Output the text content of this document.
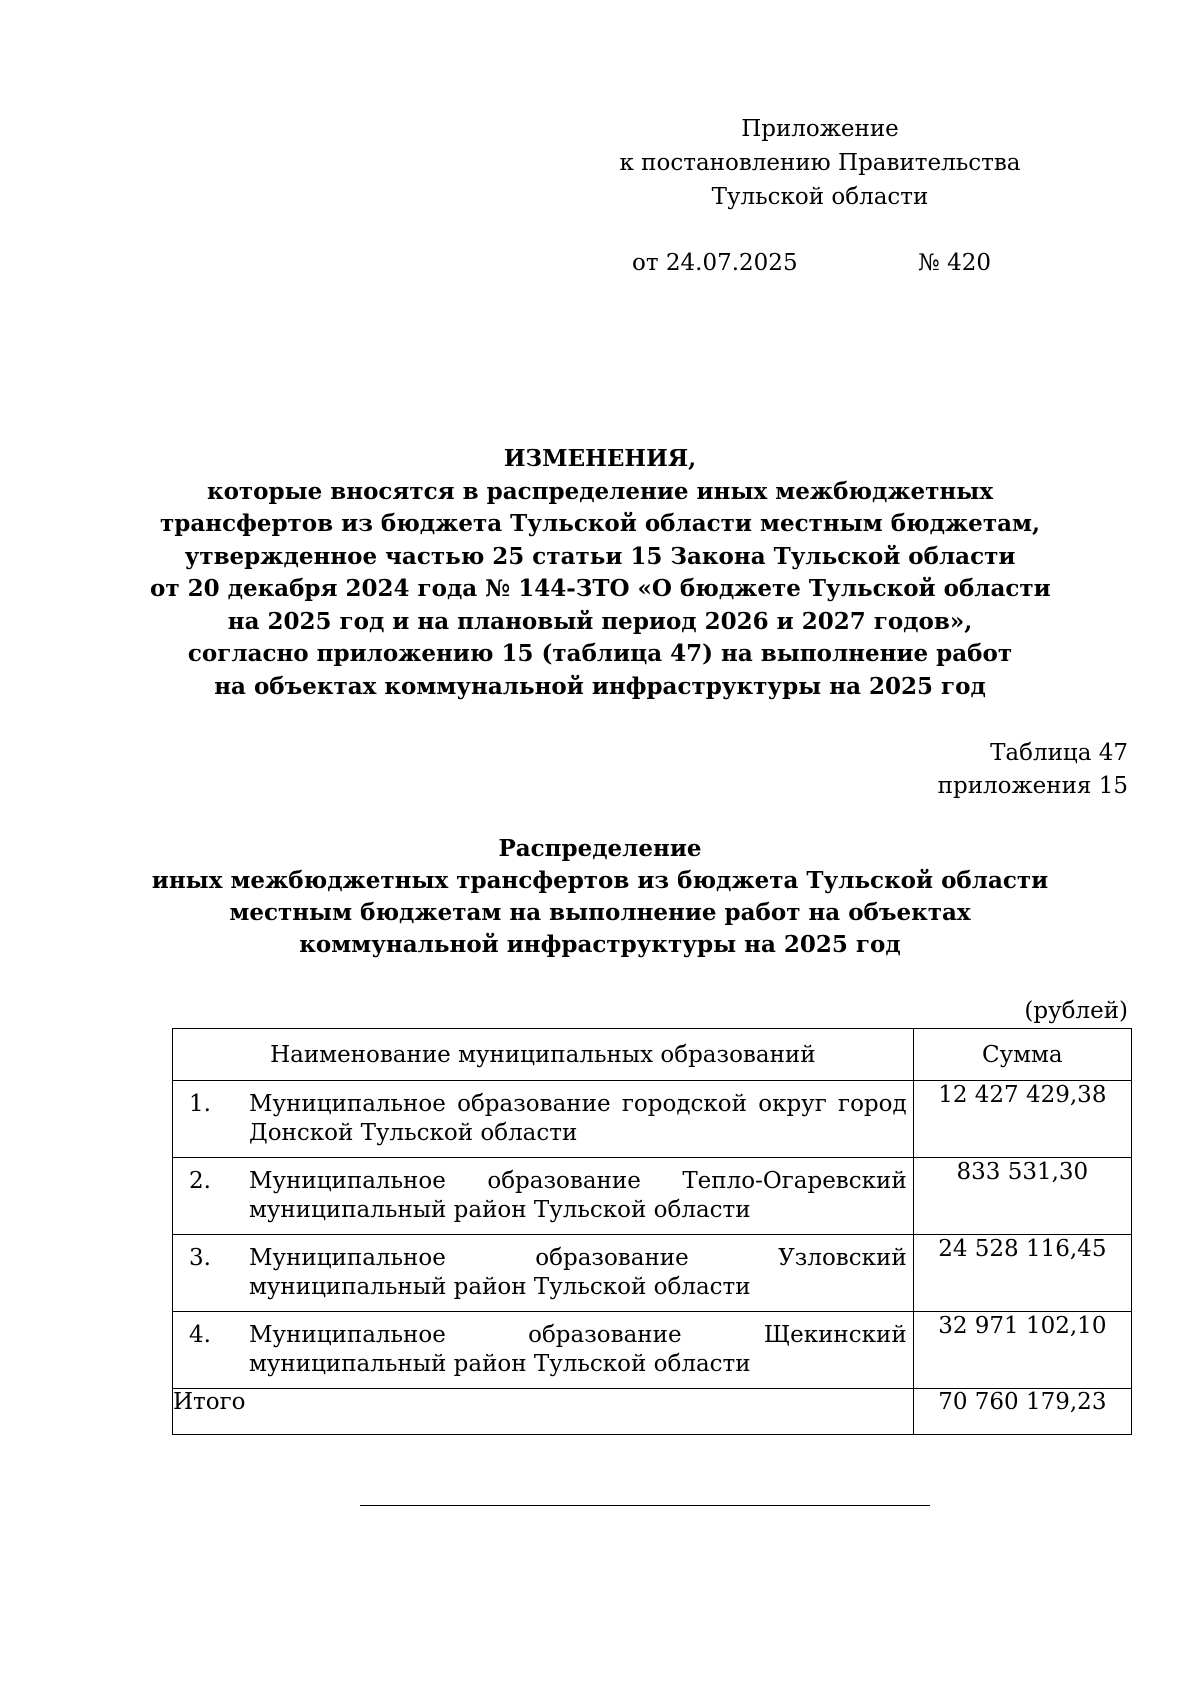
Приложение
к постановлению Правительства
Тульской области
от 24.07.2025	№ 420
ИЗМЕНЕНИЯ,
которые вносятся в распределение иных межбюджетных
трансфертов из бюджета Тульской области местным бюджетам,
утвержденное частью 25 статьи 15 Закона Тульской области
от 20 декабря 2024 года № 144-ЗТО «О бюджете Тульской области
на 2025 год и на плановый период 2026 и 2027 годов»,
согласно приложению 15 (таблица 47) на выполнение работ
на объектах коммунальной инфраструктуры на 2025 год
Таблица 47
приложения 15
Распределение
иных межбюджетных трансфертов из бюджета Тульской области
местным бюджетам на выполнение работ на объектах
коммунальной инфраструктуры на 2025 год
(рублей)
Наименование муниципальных образований	Сумма

1. Муниципальное образование городской округ город Донской Тульской области	12 427 429,38

2. Муниципальное образование Тепло-Огаревский муниципальный район Тульской области	833 531,30

3. Муниципальное образование Узловский муниципальный район Тульской области	24 528 116,45

4. Муниципальное образование Щекинский муниципальный район Тульской области	32 971 102,10
Итого	70 760 179,23
